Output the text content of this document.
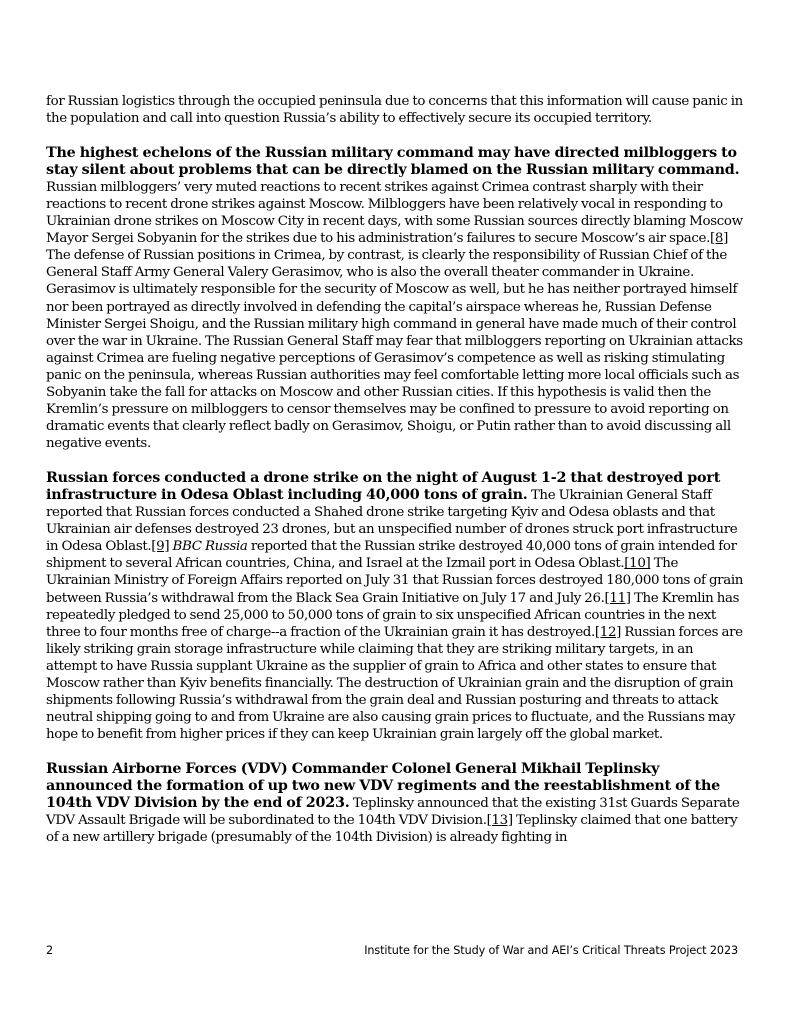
for Russian logistics through the occupied peninsula due to concerns that this information will cause panic in the population and call into question Russia’s ability to effectively secure its occupied territory.

The highest echelons of the Russian military command may have directed milbloggers to stay silent about problems that can be directly blamed on the Russian military command. Russian milbloggers’ very muted reactions to recent strikes against Crimea contrast sharply with their reactions to recent drone strikes against Moscow. Milbloggers have been relatively vocal in responding to Ukrainian drone strikes on Moscow City in recent days, with some Russian sources directly blaming Moscow Mayor Sergei Sobyanin for the strikes due to his administration’s failures to secure Moscow’s air space.[8] The defense of Russian positions in Crimea, by contrast, is clearly the responsibility of Russian Chief of the General Staff Army General Valery Gerasimov, who is also the overall theater commander in Ukraine. Gerasimov is ultimately responsible for the security of Moscow as well, but he has neither portrayed himself nor been portrayed as directly involved in defending the capital’s airspace whereas he, Russian Defense Minister Sergei Shoigu, and the Russian military high command in general have made much of their control over the war in Ukraine. The Russian General Staff may fear that milbloggers reporting on Ukrainian attacks against Crimea are fueling negative perceptions of Gerasimov’s competence as well as risking stimulating panic on the peninsula, whereas Russian authorities may feel comfortable letting more local officials such as Sobyanin take the fall for attacks on Moscow and other Russian cities. If this hypothesis is valid then the Kremlin’s pressure on milbloggers to censor themselves may be confined to pressure to avoid reporting on dramatic events that clearly reflect badly on Gerasimov, Shoigu, or Putin rather than to avoid discussing all negative events.

Russian forces conducted a drone strike on the night of August 1-2 that destroyed port infrastructure in Odesa Oblast including 40,000 tons of grain. The Ukrainian General Staff reported that Russian forces conducted a Shahed drone strike targeting Kyiv and Odesa oblasts and that Ukrainian air defenses destroyed 23 drones, but an unspecified number of drones struck port infrastructure in Odesa Oblast.[9] BBC Russia reported that the Russian strike destroyed 40,000 tons of grain intended for shipment to several African countries, China, and Israel at the Izmail port in Odesa Oblast.[10] The Ukrainian Ministry of Foreign Affairs reported on July 31 that Russian forces destroyed 180,000 tons of grain between Russia’s withdrawal from the Black Sea Grain Initiative on July 17 and July 26.[11] The Kremlin has repeatedly pledged to send 25,000 to 50,000 tons of grain to six unspecified African countries in the next three to four months free of charge--a fraction of the Ukrainian grain it has destroyed.[12] Russian forces are likely striking grain storage infrastructure while claiming that they are striking military targets, in an attempt to have Russia supplant Ukraine as the supplier of grain to Africa and other states to ensure that Moscow rather than Kyiv benefits financially. The destruction of Ukrainian grain and the disruption of grain shipments following Russia’s withdrawal from the grain deal and Russian posturing and threats to attack neutral shipping going to and from Ukraine are also causing grain prices to fluctuate, and the Russians may hope to benefit from higher prices if they can keep Ukrainian grain largely off the global market.

Russian Airborne Forces (VDV) Commander Colonel General Mikhail Teplinsky announced the formation of up two new VDV regiments and the reestablishment of the 104th VDV Division by the end of 2023. Teplinsky announced that the existing 31st Guards Separate VDV Assault Brigade will be subordinated to the 104th VDV Division.[13] Teplinsky claimed that one battery of a new artillery brigade (presumably of the 104th Division) is already fighting in

2	Institute for the Study of War and AEI’s Critical Threats Project 2023
